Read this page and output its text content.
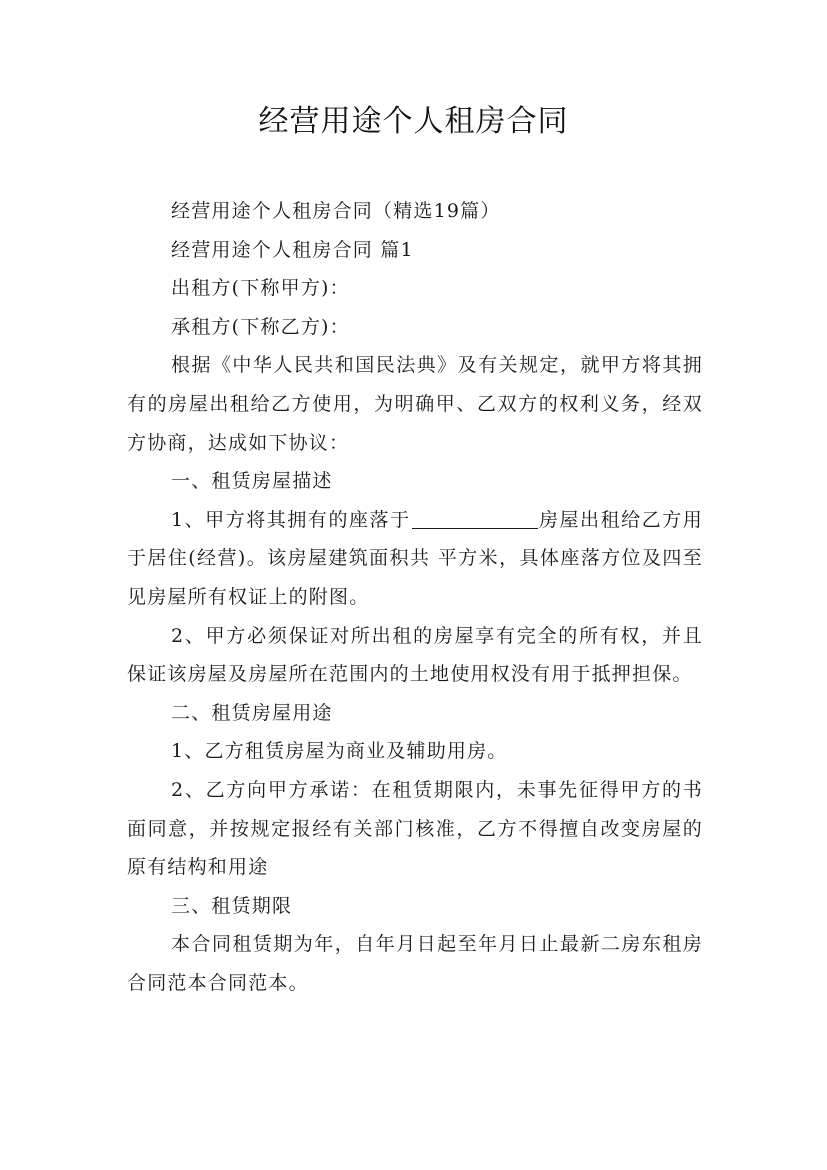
经营用途个人租房合同

经营用途个人租房合同（精选19篇）

经营用途个人租房合同 篇1

出租方(下称甲方)：

承租方(下称乙方)：

根据《中华人民共和国民法典》及有关规定，就甲方将其拥有的房屋出租给乙方使用，为明确甲、乙双方的权利义务，经双方协商，达成如下协议：

一、租赁房屋描述

1、甲方将其拥有的座落于	房屋出租给乙方用于居住(经营)。该房屋建筑面积共 平方米，具体座落方位及四至见房屋所有权证上的附图。

2、甲方必须保证对所出租的房屋享有完全的所有权，并且保证该房屋及房屋所在范围内的土地使用权没有用于抵押担保。

二、租赁房屋用途

1、乙方租赁房屋为商业及辅助用房。

2、乙方向甲方承诺：在租赁期限内，未事先征得甲方的书面同意，并按规定报经有关部门核准，乙方不得擅自改变房屋的原有结构和用途

三、租赁期限

本合同租赁期为年，自年月日起至年月日止最新二房东租房合同范本合同范本。
